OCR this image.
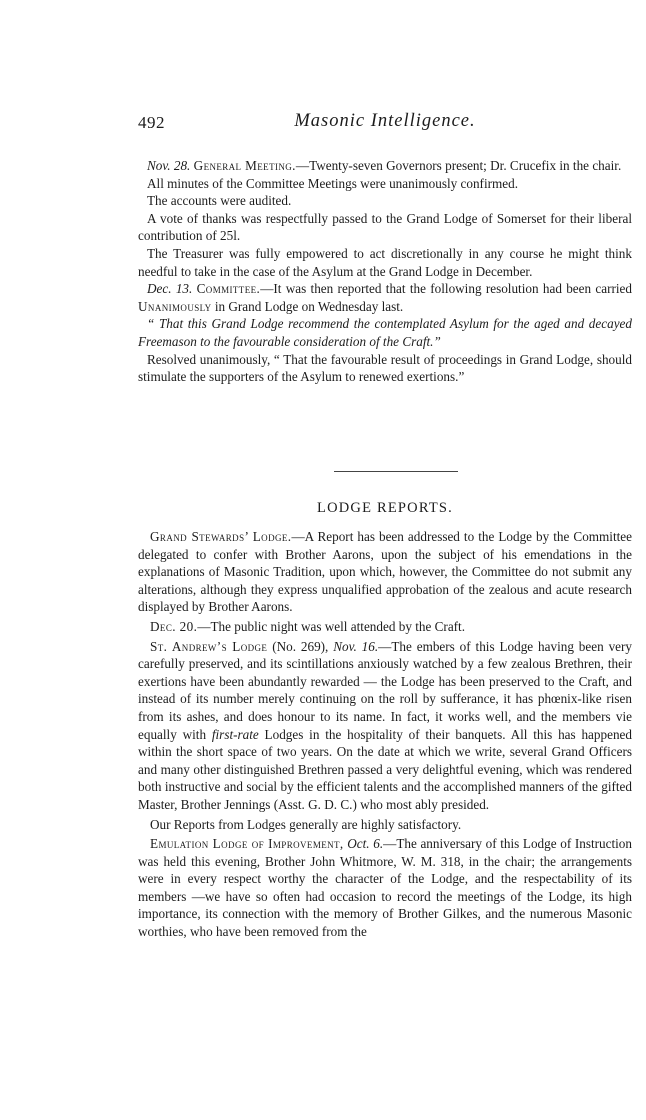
492	Masonic Intelligence.

Nov. 28. General Meeting.—Twenty-seven Governors present; Dr. Crucefix in the chair.

All minutes of the Committee Meetings were unanimously confirmed.

The accounts were audited.

A vote of thanks was respectfully passed to the Grand Lodge of Somerset for their liberal contribution of 25l.

The Treasurer was fully empowered to act discretionally in any course he might think needful to take in the case of the Asylum at the Grand Lodge in December.

Dec. 13. Committee.—It was then reported that the following resolution had been carried Unanimously in Grand Lodge on Wednesday last.

“ That this Grand Lodge recommend the contemplated Asylum for the aged and decayed Freemason to the favourable consideration of the Craft.”

Resolved unanimously, “ That the favourable result of proceedings in Grand Lodge, should stimulate the supporters of the Asylum to renewed exertions.”

LODGE REPORTS.

Grand Stewards’ Lodge.—A Report has been addressed to the Lodge by the Committee delegated to confer with Brother Aarons, upon the subject of his emendations in the explanations of Masonic Tradition, upon which, however, the Committee do not submit any alterations, although they express unqualified approbation of the zealous and acute research displayed by Brother Aarons.

Dec. 20.—The public night was well attended by the Craft.

St. Andrew’s Lodge (No. 269), Nov. 16.—The embers of this Lodge having been very carefully preserved, and its scintillations anxiously watched by a few zealous Brethren, their exertions have been abundantly rewarded — the Lodge has been preserved to the Craft, and instead of its number merely continuing on the roll by sufferance, it has phœnix-like risen from its ashes, and does honour to its name. In fact, it works well, and the members vie equally with first-rate Lodges in the hospitality of their banquets. All this has happened within the short space of two years. On the date at which we write, several Grand Officers and many other distinguished Brethren passed a very delightful evening, which was rendered both instructive and social by the efficient talents and the accomplished manners of the gifted Master, Brother Jennings (Asst. G. D. C.) who most ably presided.

Our Reports from Lodges generally are highly satisfactory.

Emulation Lodge of Improvement, Oct. 6.—The anniversary of this Lodge of Instruction was held this evening, Brother John Whitmore, W. M. 318, in the chair; the arrangements were in every respect worthy the character of the Lodge, and the respectability of its members —we have so often had occasion to record the meetings of the Lodge, its high importance, its connection with the memory of Brother Gilkes, and the numerous Masonic worthies, who have been removed from the
